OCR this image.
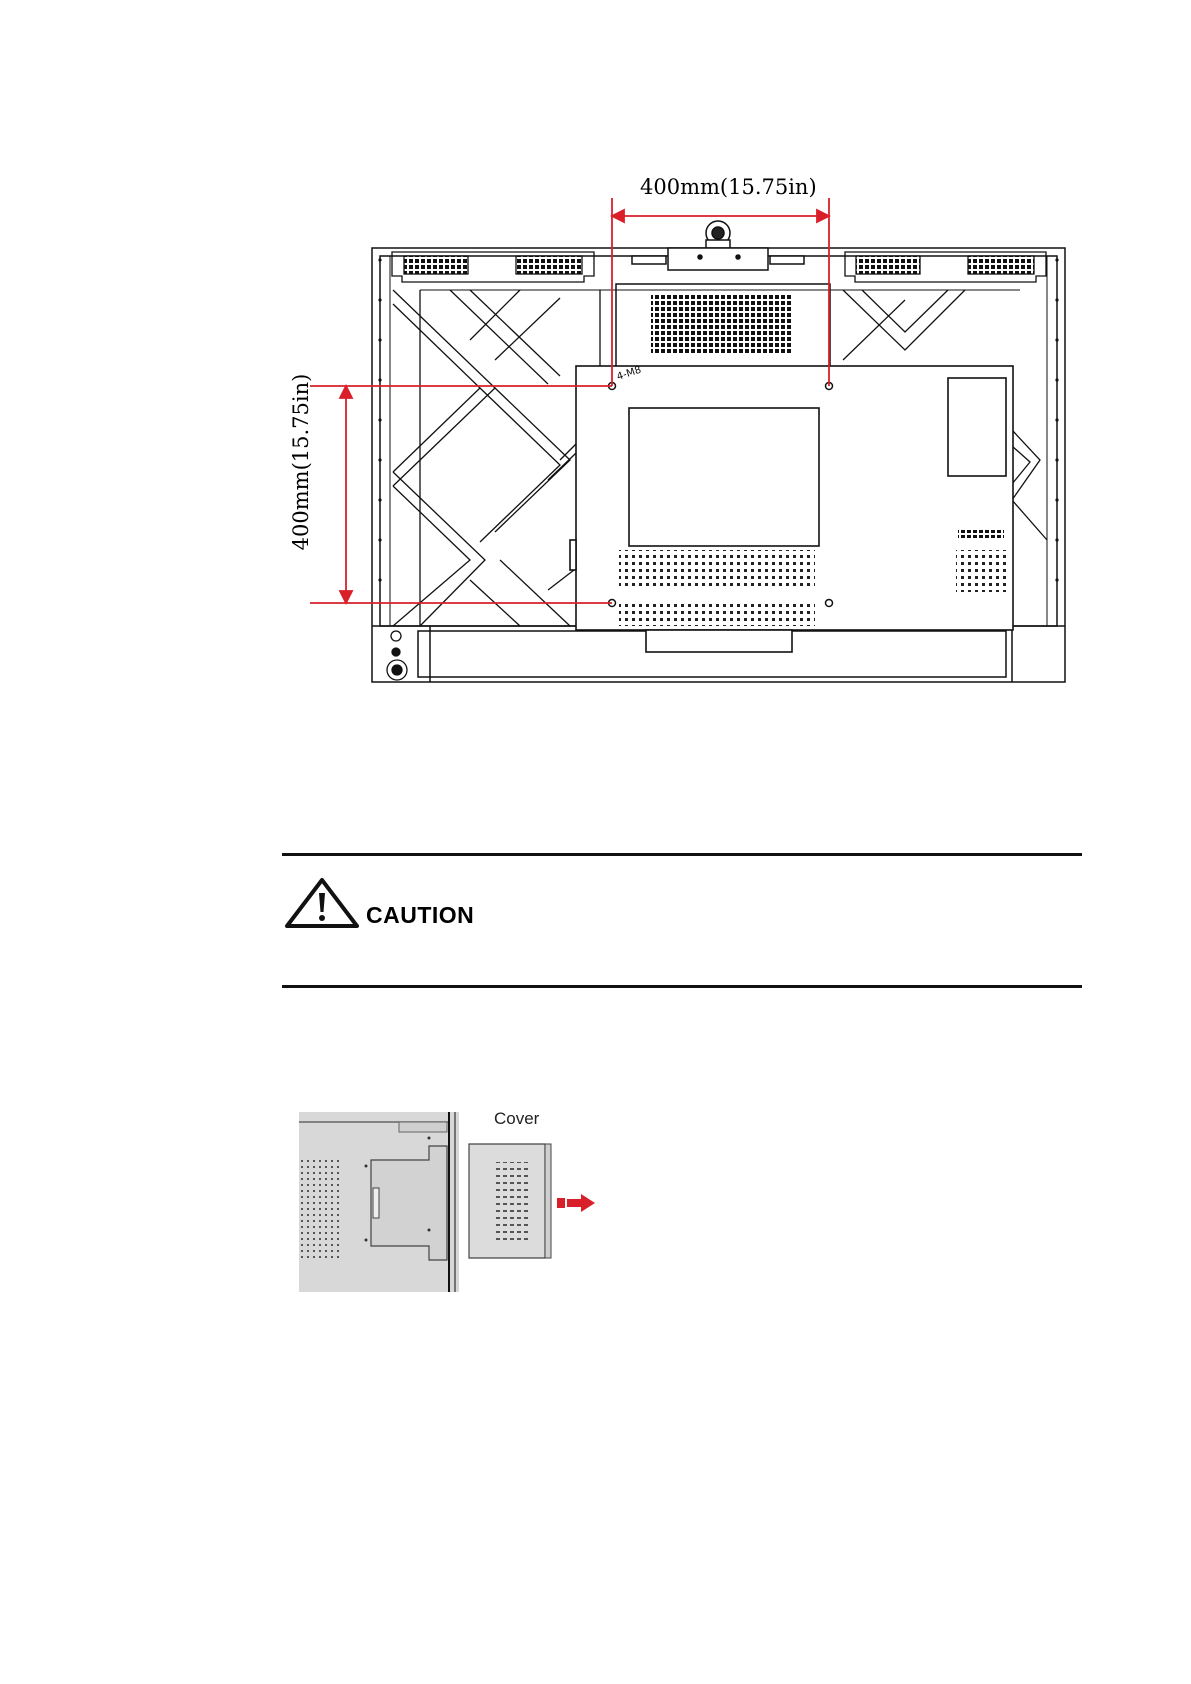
4-M8
400mm(15.75in)
400mm(15.75in)
CAUTION
Cover
